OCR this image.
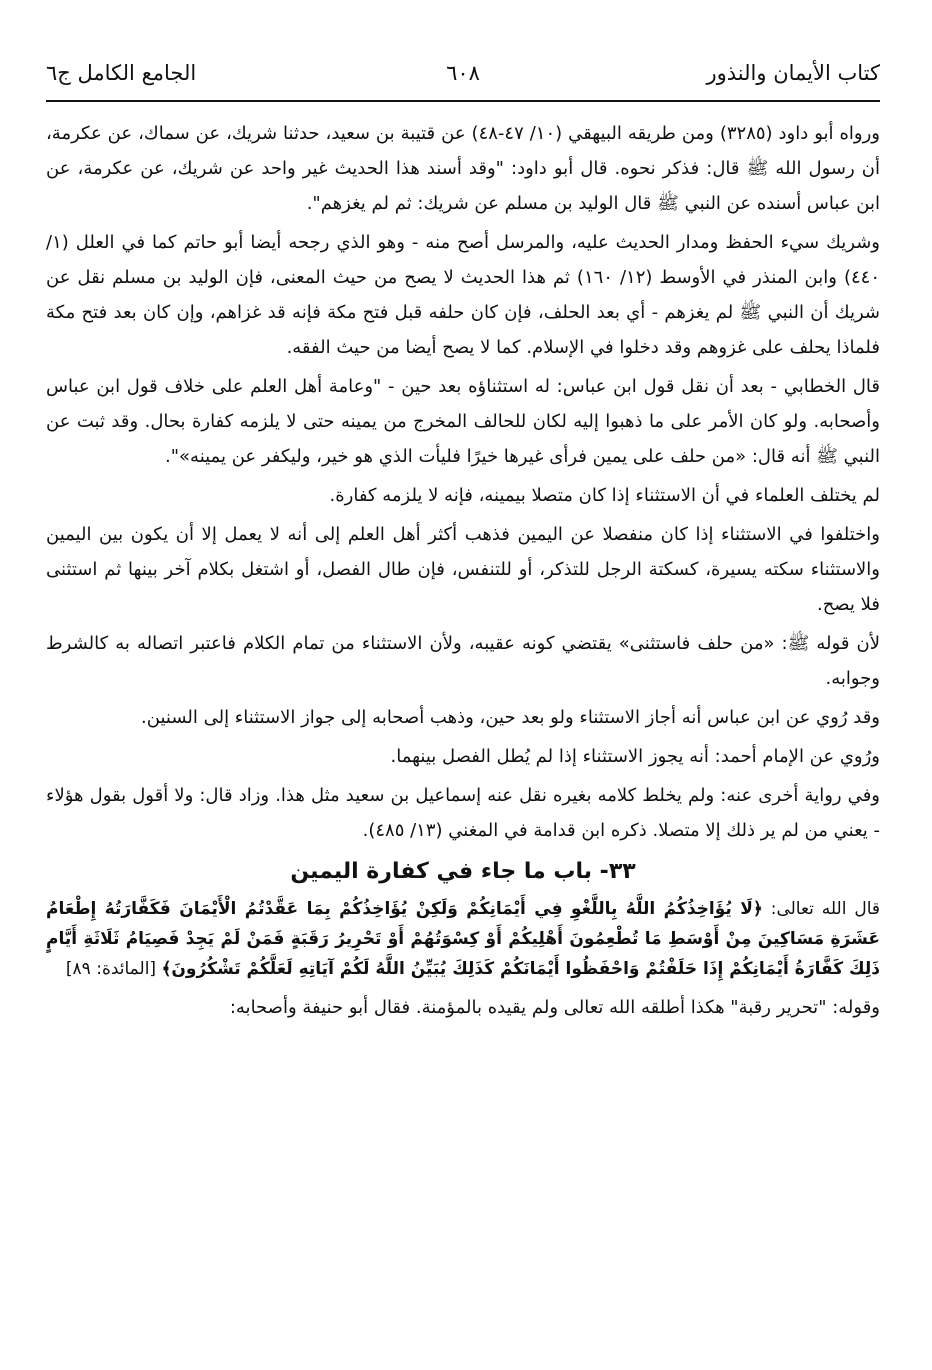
كتاب الأيمان والنذور
٦٠٨
الجامع الكامل ج٦

ورواه أبو داود (٣٢٨٥) ومن طريقه البيهقي (١٠/ ٤٧-٤٨) عن قتيبة بن سعيد، حدثنا شريك، عن سماك، عن عكرمة، أن رسول الله ﷺ قال: فذكر نحوه. قال أبو داود: "وقد أسند هذا الحديث غير واحد عن شريك، عن عكرمة، عن ابن عباس أسنده عن النبي ﷺ قال الوليد بن مسلم عن شريك: ثم لم يغزهم".

وشريك سيء الحفظ ومدار الحديث عليه، والمرسل أصح منه - وهو الذي رجحه أيضا أبو حاتم كما في العلل (١/ ٤٤٠) وابن المنذر في الأوسط (١٢/ ١٦٠) ثم هذا الحديث لا يصح من حيث المعنى، فإن الوليد بن مسلم نقل عن شريك أن النبي ﷺ لم يغزهم - أي بعد الحلف، فإن كان حلفه قبل فتح مكة فإنه قد غزاهم، وإن كان بعد فتح مكة فلماذا يحلف على غزوهم وقد دخلوا في الإسلام. كما لا يصح أيضا من حيث الفقه.

قال الخطابي - بعد أن نقل قول ابن عباس: له استثناؤه بعد حين - "وعامة أهل العلم على خلاف قول ابن عباس وأصحابه. ولو كان الأمر على ما ذهبوا إليه لكان للحالف المخرج من يمينه حتى لا يلزمه كفارة بحال. وقد ثبت عن النبي ﷺ أنه قال: «من حلف على يمين فرأى غيرها خيرًا فليأت الذي هو خير، وليكفر عن يمينه»".

لم يختلف العلماء في أن الاستثناء إذا كان متصلا بيمينه، فإنه لا يلزمه كفارة.

واختلفوا في الاستثناء إذا كان منفصلا عن اليمين فذهب أكثر أهل العلم إلى أنه لا يعمل إلا أن يكون بين اليمين والاستثناء سكته يسيرة، كسكتة الرجل للتذكر، أو للتنفس، فإن طال الفصل، أو اشتغل بكلام آخر بينها ثم استثنى فلا يصح.

لأن قوله ﷺ: «من حلف فاستثنى» يقتضي كونه عقيبه، ولأن الاستثناء من تمام الكلام فاعتبر اتصاله به كالشرط وجوابه.

وقد رُوي عن ابن عباس أنه أجاز الاستثناء ولو بعد حين، وذهب أصحابه إلى جواز الاستثناء إلى السنين.

ورُوي عن الإمام أحمد: أنه يجوز الاستثناء إذا لم يُطل الفصل بينهما.

وفي رواية أخرى عنه: ولم يخلط كلامه بغيره نقل عنه إسماعيل بن سعيد مثل هذا. وزاد قال: ولا أقول بقول هؤلاء - يعني من لم ير ذلك إلا متصلا. ذكره ابن قدامة في المغني (١٣/ ٤٨٥).

٣٣- باب ما جاء في كفارة اليمين

قال الله تعالى: ﴿لَا يُؤَاخِذُكُمُ اللَّهُ بِاللَّغْوِ فِي أَيْمَانِكُمْ وَلَكِنْ يُؤَاخِذُكُمْ بِمَا عَقَّدْتُمُ الْأَيْمَانَ فَكَفَّارَتُهُ إِطْعَامُ عَشَرَةِ مَسَاكِينَ مِنْ أَوْسَطِ مَا تُطْعِمُونَ أَهْلِيكُمْ أَوْ كِسْوَتُهُمْ أَوْ تَحْرِيرُ رَقَبَةٍ فَمَنْ لَمْ يَجِدْ فَصِيَامُ ثَلَاثَةِ أَيَّامٍ ذَلِكَ كَفَّارَةُ أَيْمَانِكُمْ إِذَا حَلَفْتُمْ وَاحْفَظُوا أَيْمَانَكُمْ كَذَلِكَ يُبَيِّنُ اللَّهُ لَكُمْ آيَاتِهِ لَعَلَّكُمْ تَشْكُرُونَ﴾ [المائدة: ٨٩]

وقوله: "تحرير رقبة" هكذا أطلقه الله تعالى ولم يقيده بالمؤمنة. فقال أبو حنيفة وأصحابه:
